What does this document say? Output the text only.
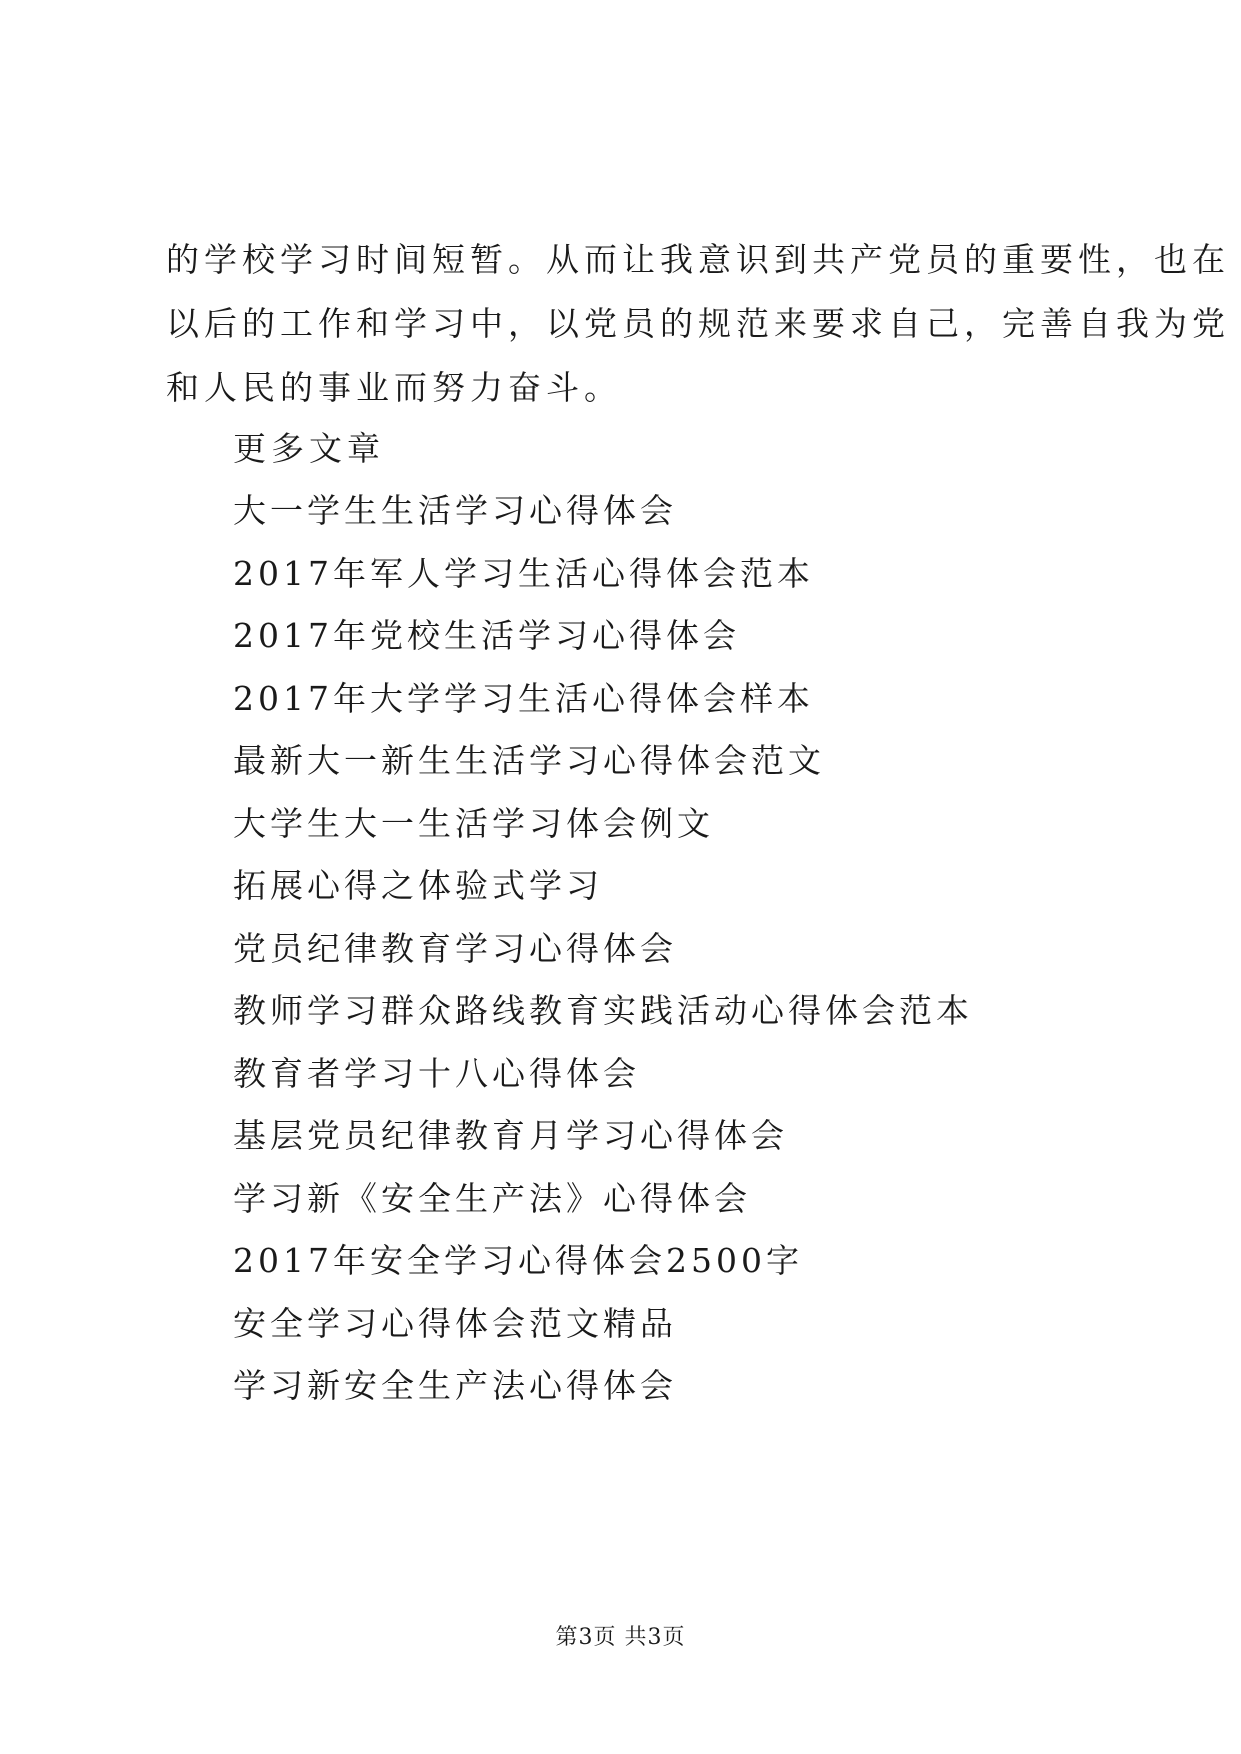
的学校学习时间短暂。从而让我意识到共产党员的重要性，也在
以后的工作和学习中，以党员的规范来要求自己，完善自我为党
和人民的事业而努力奋斗。

更多文章
大一学生生活学习心得体会
2017年军人学习生活心得体会范本
2017年党校生活学习心得体会
2017年大学学习生活心得体会样本
最新大一新生生活学习心得体会范文
大学生大一生活学习体会例文
拓展心得之体验式学习
党员纪律教育学习心得体会
教师学习群众路线教育实践活动心得体会范本
教育者学习十八心得体会
基层党员纪律教育月学习心得体会
学习新《安全生产法》心得体会
2017年安全学习心得体会2500字
安全学习心得体会范文精品
学习新安全生产法心得体会
第3页 共3页
